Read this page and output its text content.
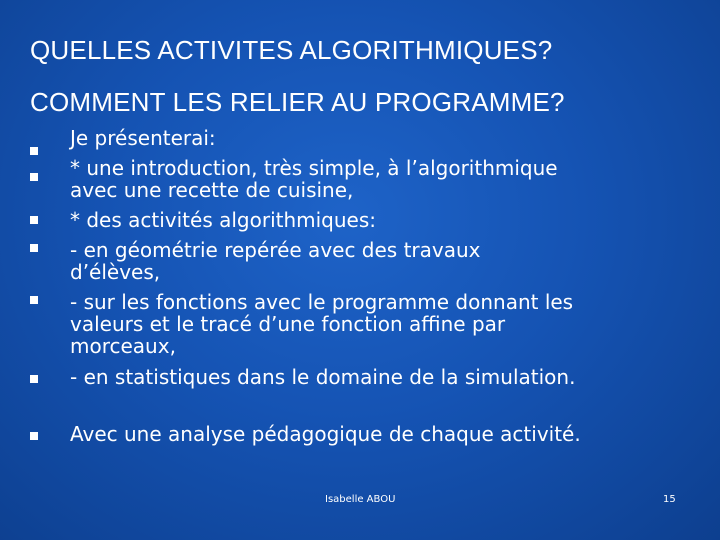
QUELLES ACTIVITES ALGORITHMIQUES?
COMMENT LES RELIER AU PROGRAMME?
Je présenterai:
* une introduction, très simple, à l’algorithmique
avec une recette de cuisine,
* des activités algorithmiques:
- en géométrie repérée avec des travaux
d’élèves,
- sur les fonctions avec le programme donnant les
valeurs et le tracé d’une fonction affine par
morceaux,
- en statistiques dans le domaine de la simulation.
Avec une analyse pédagogique de chaque activité.
Isabelle ABOU	15
